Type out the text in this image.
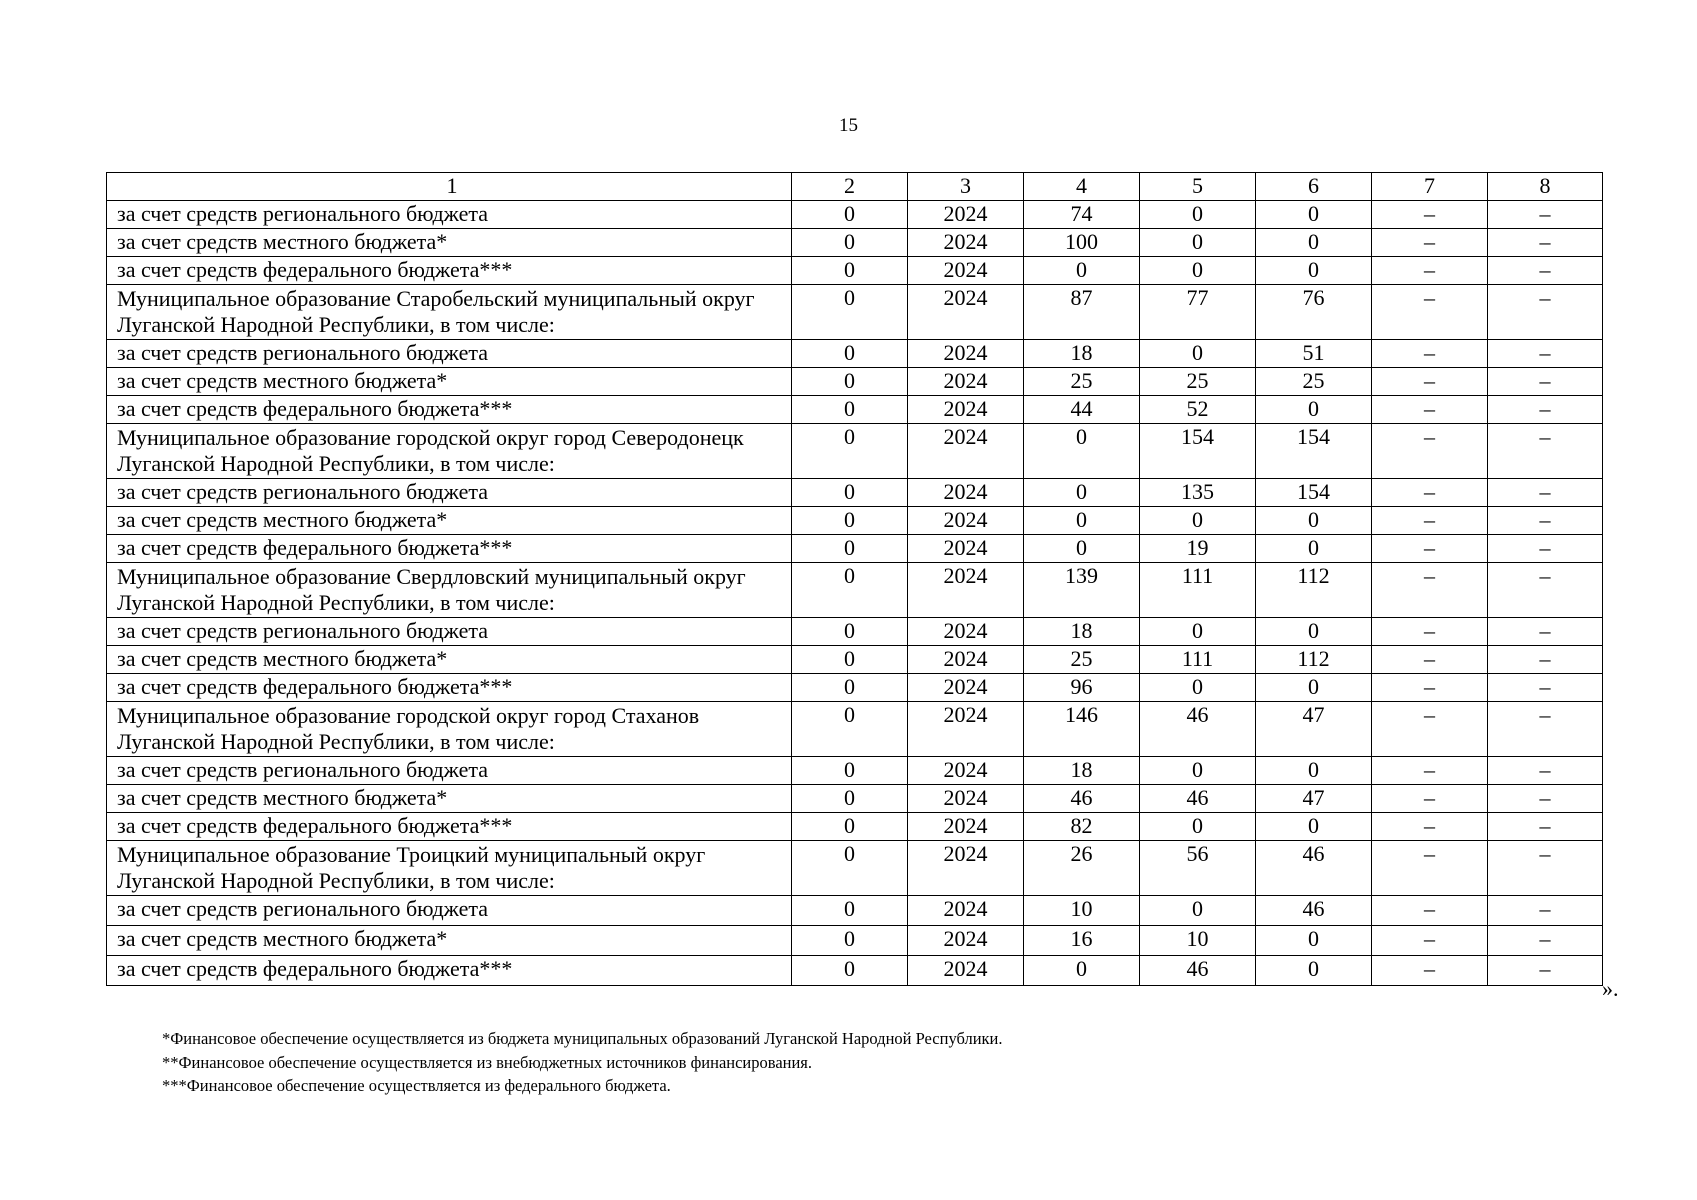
15
1	2	3	4	5	6	7	8
за счет средств регионального бюджета	0	2024	74	0	0	–	–
за счет средств местного бюджета*	0	2024	100	0	0	–	–
за счет средств федерального бюджета***	0	2024	0	0	0	–	–
Муниципальное образование Старобельский муниципальный округ Луганской Народной Республики, в том числе:	0	2024	87	77	76	–	–
за счет средств регионального бюджета	0	2024	18	0	51	–	–
за счет средств местного бюджета*	0	2024	25	25	25	–	–
за счет средств федерального бюджета***	0	2024	44	52	0	–	–
Муниципальное образование городской округ город Северодонецк Луганской Народной Республики, в том числе:	0	2024	0	154	154	–	–
за счет средств регионального бюджета	0	2024	0	135	154	–	–
за счет средств местного бюджета*	0	2024	0	0	0	–	–
за счет средств федерального бюджета***	0	2024	0	19	0	–	–
Муниципальное образование Свердловский муниципальный округ Луганской Народной Республики, в том числе:	0	2024	139	111	112	–	–
за счет средств регионального бюджета	0	2024	18	0	0	–	–
за счет средств местного бюджета*	0	2024	25	111	112	–	–
за счет средств федерального бюджета***	0	2024	96	0	0	–	–
Муниципальное образование городской округ город Стаханов Луганской Народной Республики, в том числе:	0	2024	146	46	47	–	–
за счет средств регионального бюджета	0	2024	18	0	0	–	–
за счет средств местного бюджета*	0	2024	46	46	47	–	–
за счет средств федерального бюджета***	0	2024	82	0	0	–	–
Муниципальное образование Троицкий муниципальный округ Луганской Народной Республики, в том числе:	0	2024	26	56	46	–	–
за счет средств регионального бюджета	0	2024	10	0	46	–	–
за счет средств местного бюджета*	0	2024	16	10	0	–	–
за счет средств федерального бюджета***	0	2024	0	46	0	–	–
».
*Финансовое обеспечение осуществляется из бюджета муниципальных образований Луганской Народной Республики.
**Финансовое обеспечение осуществляется из внебюджетных источников финансирования.
***Финансовое обеспечение осуществляется из федерального бюджета.
